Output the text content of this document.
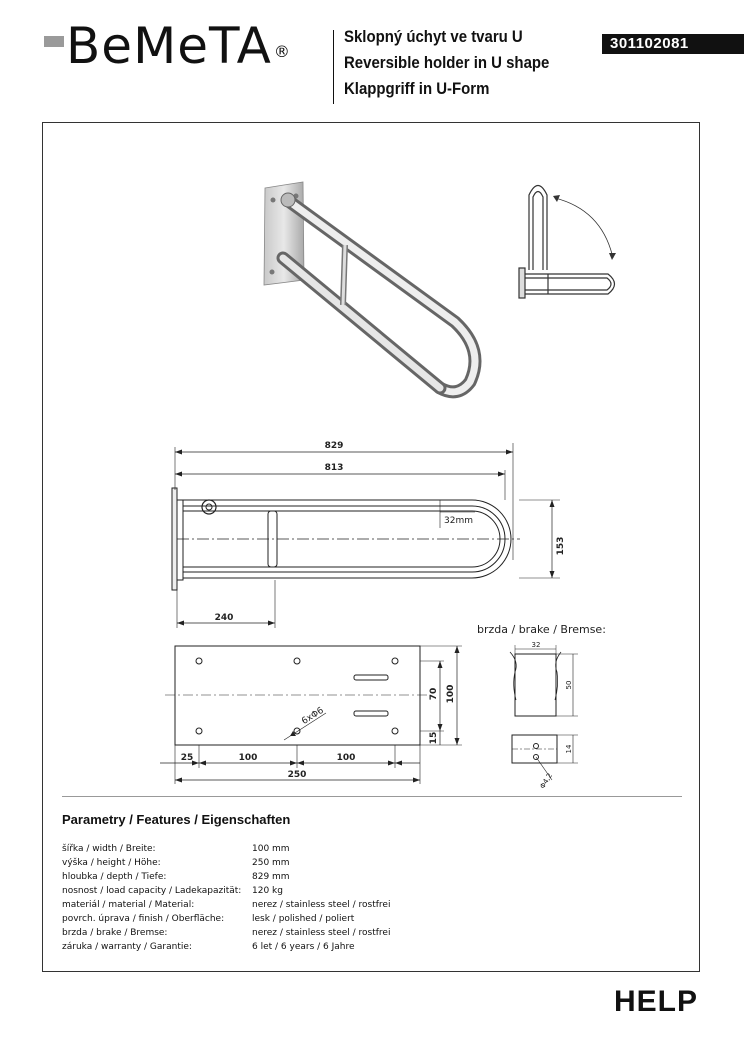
BeMeTA ®
Sklopný úchyt ve tvaru U
Reversible holder in U shape
Klappgriff in U-Form
301102081
829
813
32mm
153
240
25	100	100
250
70 100
15
6xΦ6
brzda / brake / Bremse:
32
50
14
Φ4,2
Parametry / Features / Eigenschaften
šířka / width / Breite:	100 mm
výška / height / Höhe:	250 mm
hloubka / depth / Tiefe:	829 mm
nosnost / load capacity / Ladekapazität: 120 kg
materiál / material / Material:	nerez / stainless steel / rostfrei
povrch. úprava / finish / Oberfläche:	lesk / polished / poliert
brzda / brake / Bremse:	nerez / stainless steel / rostfrei
záruka / warranty / Garantie:	6 let / 6 years / 6 Jahre
HELP
